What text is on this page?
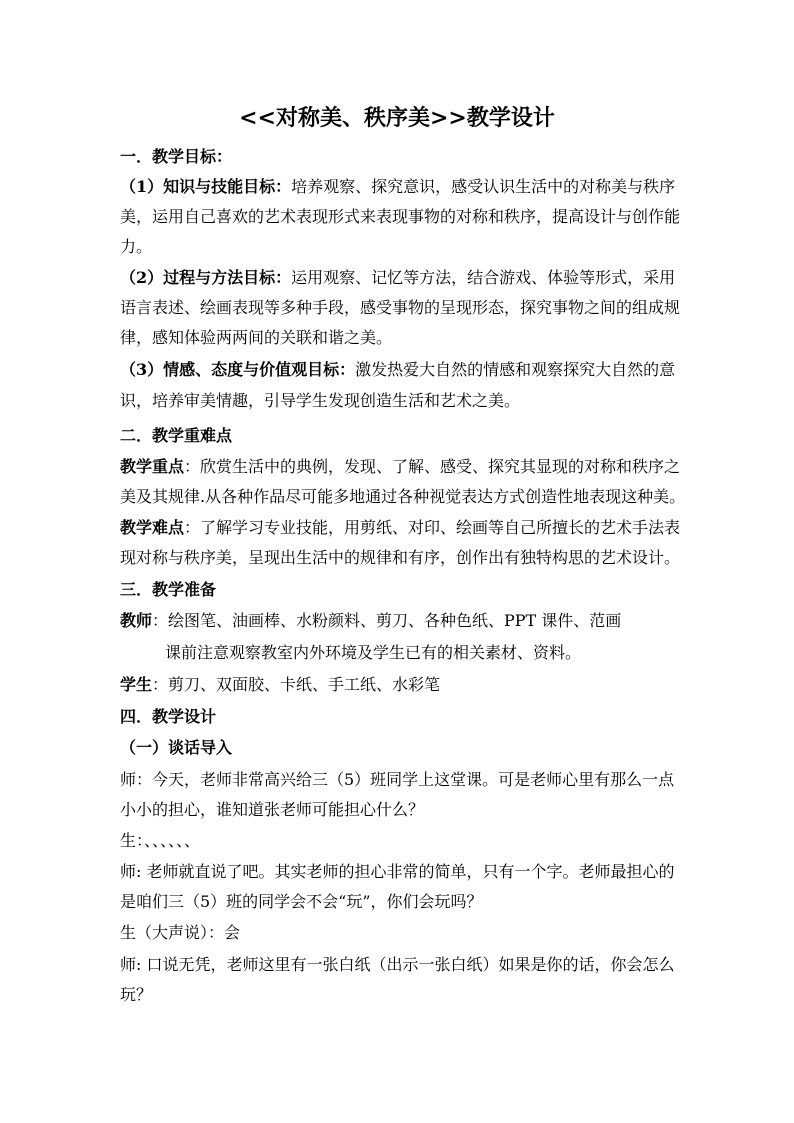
<<对称美、秩序美>>教学设计
一．教学目标：
（1）知识与技能目标：培养观察、探究意识，感受认识生活中的对称美与秩序
美，运用自己喜欢的艺术表现形式来表现事物的对称和秩序，提高设计与创作能
力。
（2）过程与方法目标：运用观察、记忆等方法，结合游戏、体验等形式，采用
语言表述、绘画表现等多种手段，感受事物的呈现形态，探究事物之间的组成规
律，感知体验两两间的关联和谐之美。
（3）情感、态度与价值观目标：激发热爱大自然的情感和观察探究大自然的意
识，培养审美情趣，引导学生发现创造生活和艺术之美。
二．教学重难点
教学重点：欣赏生活中的典例，发现、了解、感受、探究其显现的对称和秩序之
美及其规律.从各种作品尽可能多地通过各种视觉表达方式创造性地表现这种美。
教学难点：了解学习专业技能，用剪纸、对印、绘画等自己所擅长的艺术手法表
现对称与秩序美，呈现出生活中的规律和有序，创作出有独特构思的艺术设计。
三．教学准备
教师：绘图笔、油画棒、水粉颜料、剪刀、各种色纸、PPT 课件、范画
课前注意观察教室内外环境及学生已有的相关素材、资料。
学生：剪刀、双面胶、卡纸、手工纸、水彩笔
四．教学设计
（一）谈话导入
师：今天，老师非常高兴给三（5）班同学上这堂课。可是老师心里有那么一点
小小的担心，谁知道张老师可能担心什么？
生：、、、、、、
师: 老师就直说了吧。其实老师的担心非常的简单，只有一个字。老师最担心的
是咱们三（5）班的同学会不会“玩”，你们会玩吗？
生（大声说）：会
师: 口说无凭，老师这里有一张白纸（出示一张白纸）如果是你的话，你会怎么
玩？
